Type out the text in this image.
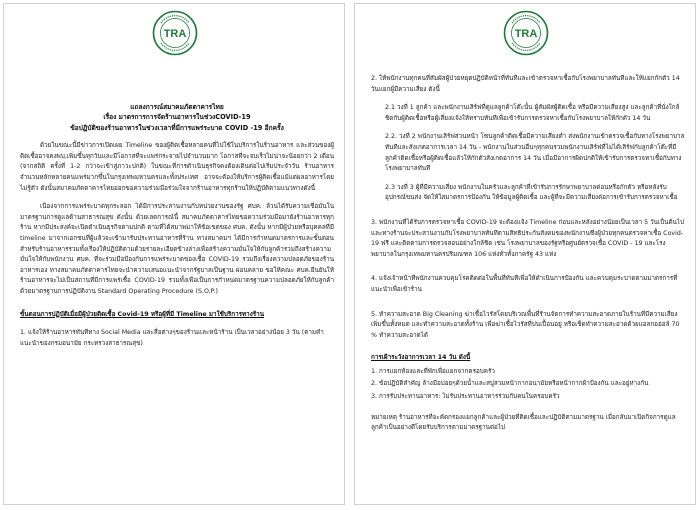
TRA
แถลงการณ์สมาคมภัตตาคารไทย
เรื่อง มาตรการการจัดร้านอาหารในช่วงCOVID-19
ข้อปฏิบัติของร้านอาหารในช่วงเวลาที่มีการแพร่ระบาด COVID -19 อีกครั้ง

ด้วยในขณะนี้มีข่าวการเปิดเผย Timeline ของผู้ติดเชื้อหลายคนที่ไปใช้ในบริการในร้านอาหาร และส่วนของผู้ติดเชื้ออาจคงพบ,เพิ่มขึ้นทุกวันและมีโอกาสที่จะแพร่กระจายไปจำนวนมาก โอกาสที่จะจบเร็วไม่น่าจะน้อยกว่า 2 เดือน (จากสถิติ ครั้งที่ 1-2 กว่าจะเข้าสู่ภาวะปกติ) ในขณะที่การดำเนินธุรกิจคงต้องเดินต่อไปเริ่มประจำวัน ร้านอาหารจำนวนหลักหลายคนแพร่มากขึ้นในกรุงเทพมหานครและทั้งประเทศ อาจจะต้องให้บริการผู้ติดเชื้อแม้แต่ผลอาหารโดยไม่รู้ตัว ดังนั้นสมาคมภัตตาคารไทยออกขอความร่วมมือร่วมใจจากร้านอาหารทุกร้านให้ปฏิบัติตามแนวทางดังนี้

เนื่องจากการแพร่ระบาดทุกระลอก ได้มีการประสานงานกับหน่วยงานของรัฐ ศบค. ล้วนได้รับความเชื่อมั่นในมาตรฐานการดูแลด้านสาธารณสุข ดังนั้น ด้วยเลตการณ์นี้ สมาคมภัตตาคารไทยขอความร่วมมือมายังร้านอาหารทุกร้าน หากมีประสงค์จะเปิดดำเนินธุรกิจตามปกติ ตามที่ได้สมาพมาให้ข้อเขตของ ศบค. ดังนั้น หากมีผู้ป่วยหรือบุคคลที่มี timeline มาจากเอกชนที่ผู้แล้วจะเข้ามารับประทานอาหารที่ร้าน ทางสมาคมฯ ได้มีการกำหนดมาตรการและขั้นตอนสำหรับร้านอาหารรวมทั้งเรื่องให้ปฏิบัติตามด้วยรายละเอียดข้างล่างเพื่อสร้างความมั่นใจให้กับลูกค้ารวมถึงสร้างความมั่นใจให้กับพนักงาน ศบค. ที่จะร่วมมือป้องกันการแพร่ระบาดของเชื้อ COVID-19 รวมถึงเรื่องความปลอดภัยของร้านอาหารเอง ทางสมาคมภัตตาคารไทยจะนำความเสนอแนะนำจากรัฐบาลเป็นฐาน ผ่อนคลาย ขอให้คณะ ศบค.ยืนยันให้ร้านอาหารจะไม่เป็นสถานที่มีการแพร่เชื้อ COVID-19 รวมทั้งเพื่อเป็นการกำหนดมาตรฐานความปลอดภัยให้กับลูกค้าด้วยมาตรฐานการปฏิบัติงาน Standard Operating Procedure (S.O.P.)

ขั้นตอนการปฏิบัติเมื่อมีผู้ป่วยติดเชื้อ Covid-19 หรือผู้ที่มี Timeline มาใช้บริการทางร้าน
1. แจ้งให้ร้านอาหารทันทีทาง Social Media และสื่อต่างๆของร้านและหน้าร้าน เป็นเวลาอย่างน้อย 3 วัน (ตามคำแนะนำของกรมอนามัย กระทรวงสาธารณสุข)
TRA
2. ให้พนักงานทุกคนที่สัมผัสผู้ป่วยหยุดปฏิบัติหน้าที่ทันทีและเข้าตรวจหาเชื้อกับโรงพยาบาลทันทีและให้แยกกักตัว 14 วันแยกผู้มีความเสี่ยง ดังนี้
2.1 วงที่ 1 ลูกค้า และพนักงานเสิร์ฟที่ดูแลลูกค้าโต๊ะนั้น ผู้สัมผัสผู้ติดเชื้อ หรือมีความเสี่ยงสูง และลูกค้าที่นั่งใกล้ชิดกับผู้ติดเชื้อหรือผู้เสี่ยงแจ้งให้ทราบทันทีเพื่อเข้ารับการตรวจหาเชื้อกับโรงพยาบาลให้กักตัว 14 วัน
2.2. วงที่ 2 พนักงานเสิร์ฟส่วนหน้า โซนลูกค้าติดเชื้อมีความเสี่ยงต่ำ ส่งพนักงานเข้าตรวจเชื้อกับทางโรงพยาบาลทันทีและสังเกตอาการเวลา 14 วัน - พนักงานในส่วนอื่นๆทุกคนรวมพนักงานเสิร์ฟที่ไม่ได้เสิร์ฟกับลูกค้าโต๊ะที่มีลูกค้าติดเชื้อหรือผู้ติดเชื้อแล้วให้กักตัวสังเกตอาการ 14 วัน เมื่อมีอาการผิดปกติให้เข้ารับการตรวจหาเชื้อกับทางโรงพยาบาลทันที
2.3 วงที่ 3 ผู้ที่มีความเสี่ยง พนักงานในครัวและลูกค้าที่เข้ารับการรักษาพยาบาลต่อนหรือกักตัว หรือหลังรับอุปกรณ์ขนส่ง จัดให้ใสมาตรการป้องกัน ให้ข้อมูลผู้ติดเชื้อ และผู้ที่จะมีความเสี่ยงต่อการเข้ารับการตรวจหาเชื้อ
3. พนักงานที่ได้รับการตรวจหาเชื้อ COVID-19 จะต้องแจ้ง Timeline ก่อนและหลังอย่างน้อยเป็นเวลา 5 วันเป็นต้นไป และทางร้านจะประสานงานกับโรงพยาบาลทันทีตามสิทธิประกันสังคมของพนักงานซึ่งผู้ป่วยทุกคนตรวจหาเชื้อ Covid-19 ฟรี และติดตามการตรวจสอบอย่างใกล้ชิด เช่น โรงพยาบาลของรัฐหรือศูนย์ตรวจเชื้อ COVID - 19 และโรงพยาบาลในกรุงเทพมหานครปริมณฑล 106 แห่งทั่วทั้งภาครัฐ 43 แห่ง
4. แจ้งเจ้าหน้าที่พนักงานควบคุมโรคติดต่อในพื้นที่ทันทีเพื่อให้ดำเนินการป้องกัน และควบคุมระบาดตามมาตรการที่แนะนำเพื่อเข้าร้าน
5. ทำความสะอาด Big Cleaning ฆ่าเชื้อไวรัสโดยบริเวณพื้นที่ร้านจัดการทำความสะอาดภายในร้านที่มีความเสี่ยงเพิ่มขึ้นทั้งหมด และทำความสะอาดทั้งร้าน เพื่อฆ่าเชื้อไวรัสที่ปนเปื้อนอยู่ หรือเช็ดทำความสะอาดด้วยแอลกอฮอล์ 70 % ทำความสะอาดได้
การเฝ้าระวังอาการเวลา 14 วัน ดังนี้
1. การแยกห้องและที่พักเพื่อแยกจากครอบครัว
2. ข้อปฏิบัติสำคัญ ล้างมือบ่อยๆด้วยน้ำและสบู่สวมหน้ากากอนามัยหรือหน้ากากผ้าป้องกัน และอยู่ห่างกัน
3. การรับประทานอาหาร: ไม่รับประทานอาหารร่วมกับคนในครอบครัว
หมายเหตุ ร้านอาหารที่จะคัดกรองแยกลูกค้าและผู้ป่วยที่ติดเชื้อและปฏิบัติตามมาตรฐาน เมื่อกลับมาเปิดกิจการดูแลลูกค้าเป็นอย่างดีโดยรับบริการตามมาตรฐานต่อไป
